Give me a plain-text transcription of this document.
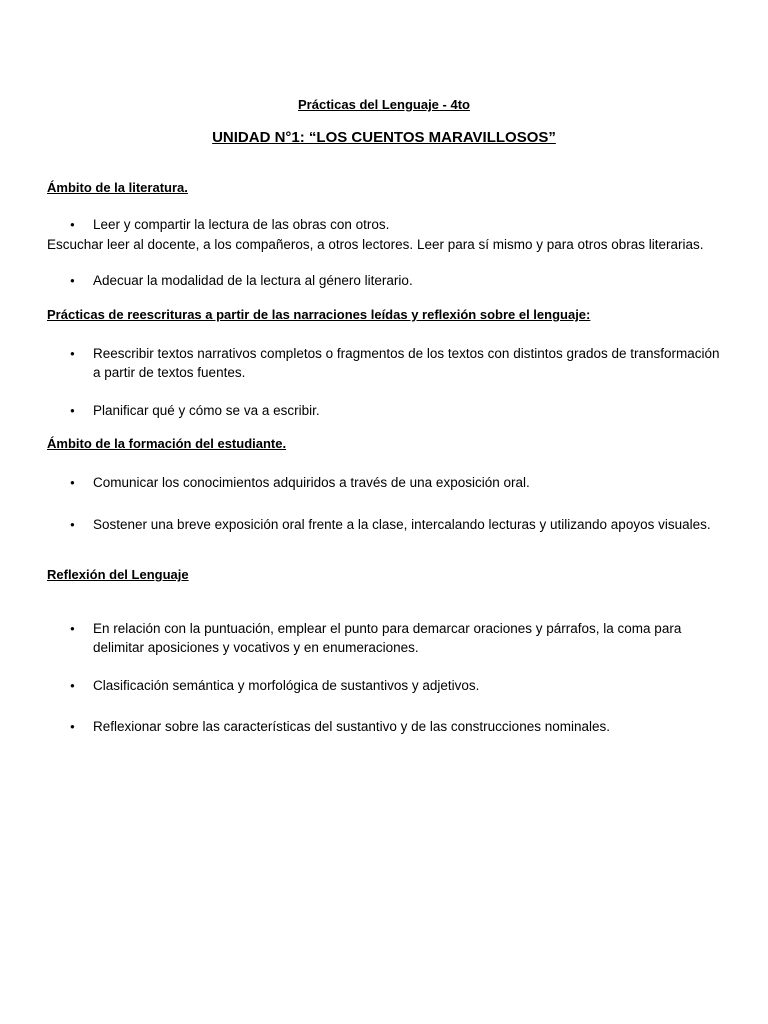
Prácticas del Lenguaje - 4to
UNIDAD N°1: “LOS CUENTOS MARAVILLOSOS”
Ámbito de la literatura.

● Leer y compartir la lectura de las obras con otros.

Escuchar leer al docente, a los compañeros, a otros lectores. Leer para sí mismo y para otros obras literarias.

● Adecuar la modalidad de la lectura al género literario.

Prácticas de reescrituras a partir de las narraciones leídas y reflexión sobre el lenguaje:

● Reescribir textos narrativos completos o fragmentos de los textos con distintos grados de transformación a partir de textos fuentes.

● Planificar qué y cómo se va a escribir.

Ámbito de la formación del estudiante.

● Comunicar los conocimientos adquiridos a través de una exposición oral.

● Sostener una breve exposición oral frente a la clase, intercalando lecturas y utilizando apoyos visuales.

Reflexión del Lenguaje

● En relación con la puntuación, emplear el punto para demarcar oraciones y párrafos, la coma para delimitar aposiciones y vocativos y en enumeraciones.

● Clasificación semántica y morfológica de sustantivos y adjetivos.

● Reflexionar sobre las características del sustantivo y de las construcciones nominales.
